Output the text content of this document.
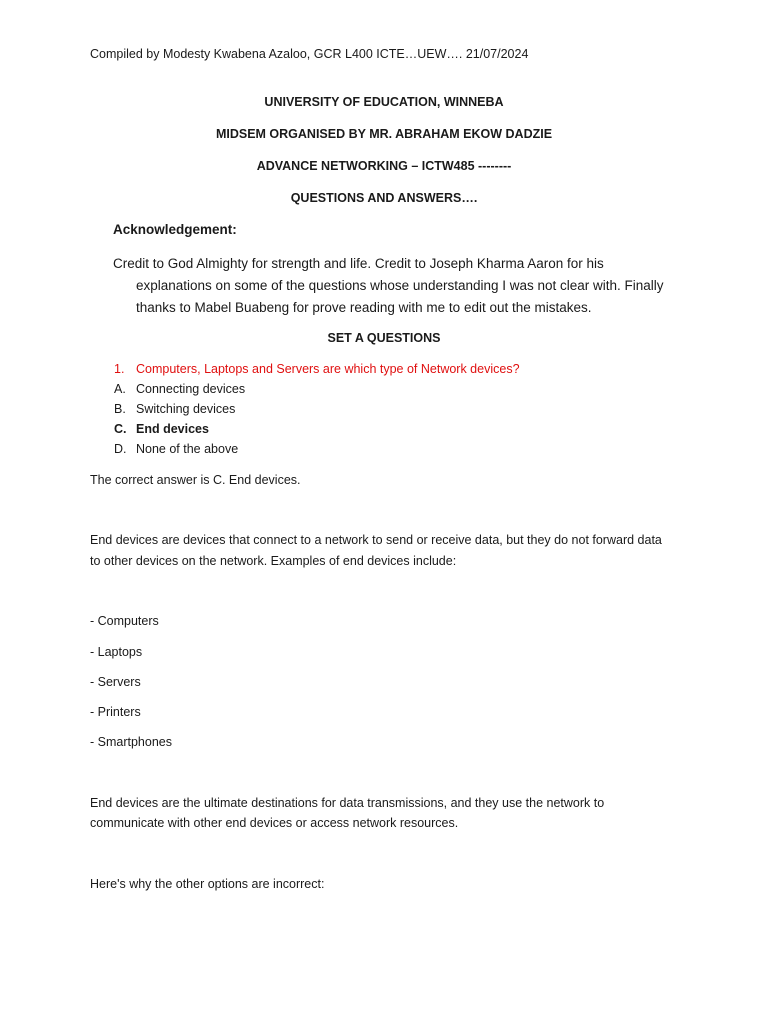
Compiled by Modesty Kwabena Azaloo, GCR L400 ICTE…UEW…. 21/07/2024
UNIVERSITY OF EDUCATION, WINNEBA
MIDSEM ORGANISED BY MR. ABRAHAM EKOW DADZIE
ADVANCE NETWORKING – ICTW485 --------
QUESTIONS AND ANSWERS….
Acknowledgement:
Credit to God Almighty for strength and life. Credit to Joseph Kharma Aaron for his
explanations on some of the questions whose understanding I was not clear with. Finally
thanks to Mabel Buabeng for prove reading with me to edit out the mistakes.
SET A QUESTIONS
1. Computers, Laptops and Servers are which type of Network devices?
A. Connecting devices
B. Switching devices
C. End devices
D. None of the above
The correct answer is C. End devices.
End devices are devices that connect to a network to send or receive data, but they do not forward data
to other devices on the network. Examples of end devices include:
- Computers
- Laptops
- Servers
- Printers
- Smartphones
End devices are the ultimate destinations for data transmissions, and they use the network to
communicate with other end devices or access network resources.
Here's why the other options are incorrect:
